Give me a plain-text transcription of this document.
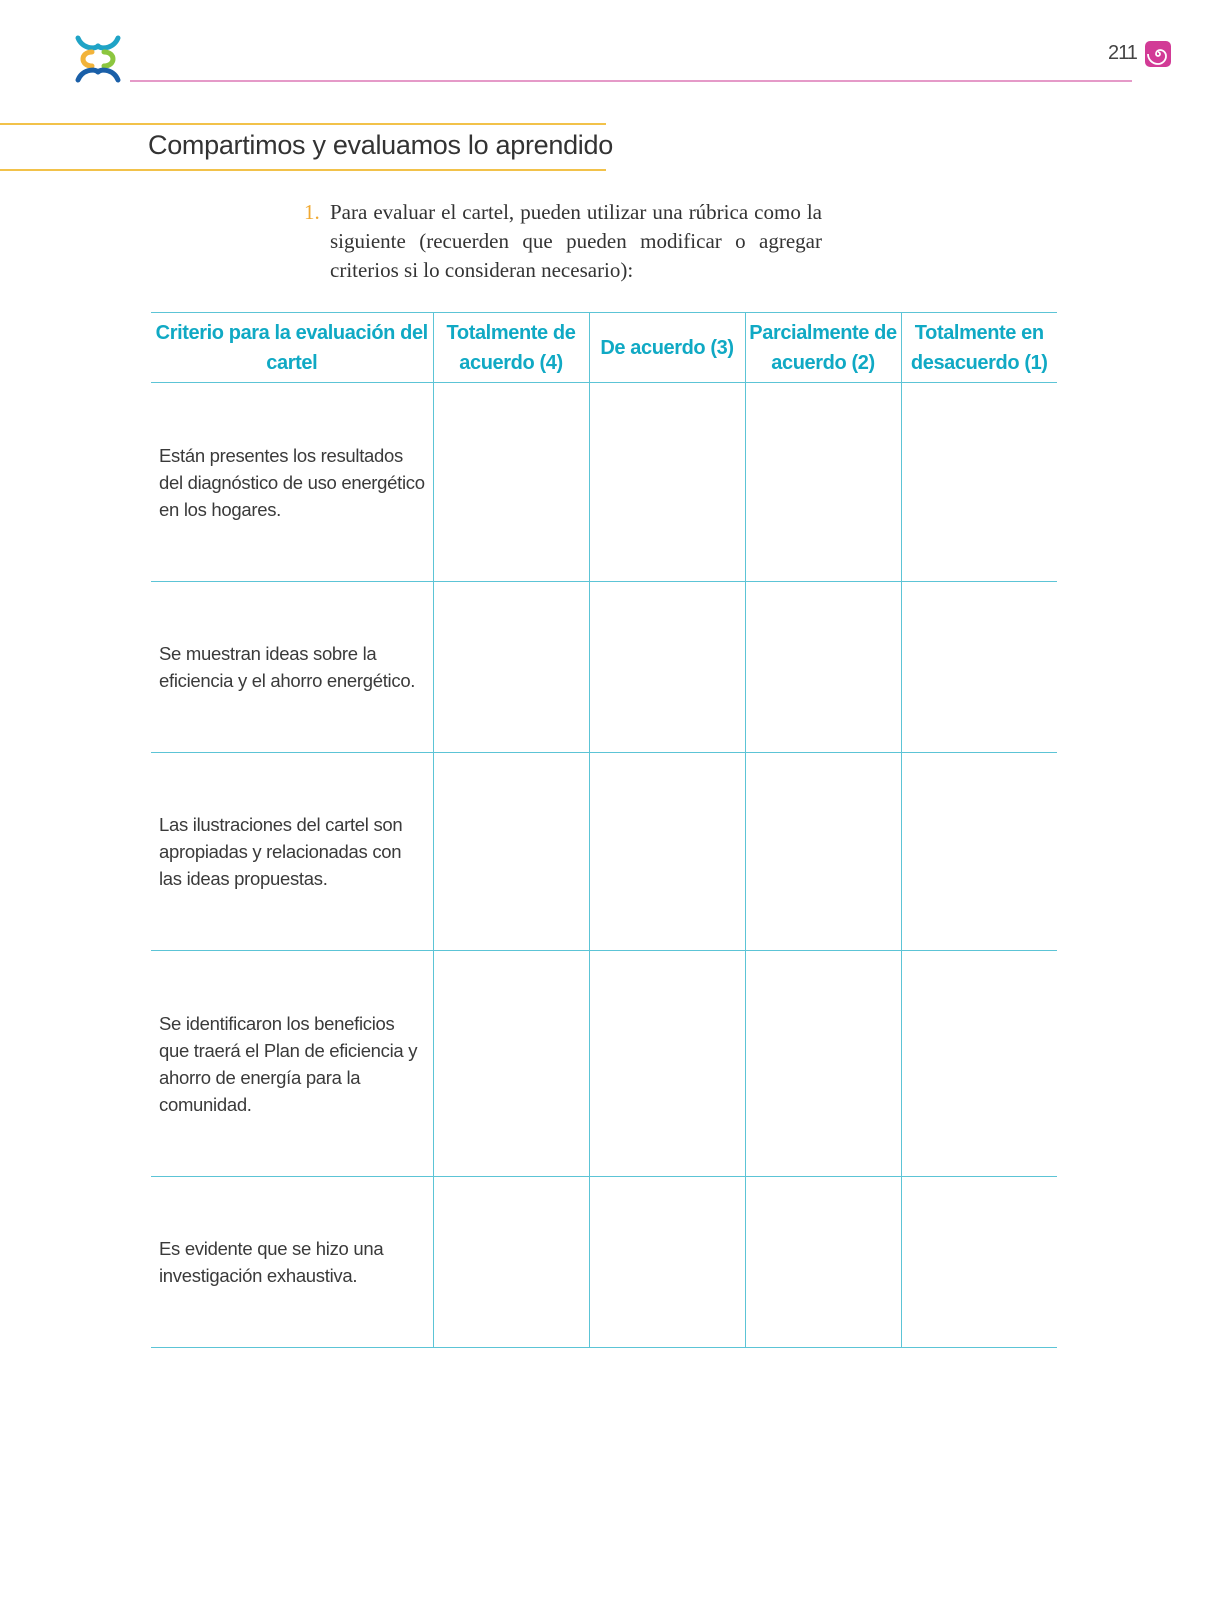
211
Compartimos y evaluamos lo aprendido
1. Para evaluar el cartel, pueden utilizar una rúbrica como la siguiente (recuerden que pueden modificar o agregar criterios si lo consideran necesario):
Criterio para la evaluación del cartel	Totalmente de acuerdo (4)	De acuerdo (3)	Parcialmente de acuerdo (2)	Totalmente en desacuerdo (1)
Están presentes los resultados del diagnóstico de uso energético en los hogares.				
Se muestran ideas sobre la eficiencia y el ahorro energético.				
Las ilustraciones del cartel son apropiadas y relacionadas con las ideas propuestas.				
Se identificaron los beneficios que traerá el Plan de eficiencia y ahorro de energía para la comunidad.				
Es evidente que se hizo una investigación exhaustiva.				
